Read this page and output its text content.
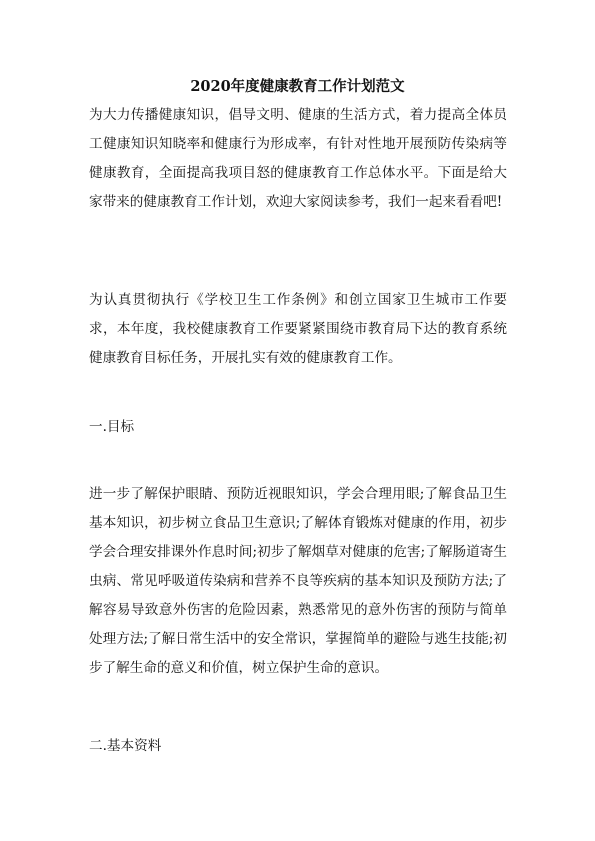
2020年度健康教育工作计划范文

为大力传播健康知识，倡导文明、健康的生活方式，着力提高全体员工健康知识知晓率和健康行为形成率，有针对性地开展预防传染病等健康教育，全面提高我项目怒的健康教育工作总体水平。下面是给大家带来的健康教育工作计划，欢迎大家阅读参考，我们一起来看看吧!

为认真贯彻执行《学校卫生工作条例》和创立国家卫生城市工作要求，本年度，我校健康教育工作要紧紧围绕市教育局下达的教育系统健康教育目标任务，开展扎实有效的健康教育工作。

一.目标

进一步了解保护眼睛、预防近视眼知识，学会合理用眼;了解食品卫生基本知识，初步树立食品卫生意识;了解体育锻炼对健康的作用，初步学会合理安排课外作息时间;初步了解烟草对健康的危害;了解肠道寄生虫病、常见呼吸道传染病和营养不良等疾病的基本知识及预防方法;了解容易导致意外伤害的危险因素，熟悉常见的意外伤害的预防与简单处理方法;了解日常生活中的安全常识，掌握简单的避险与逃生技能;初步了解生命的意义和价值，树立保护生命的意识。

二.基本资料
